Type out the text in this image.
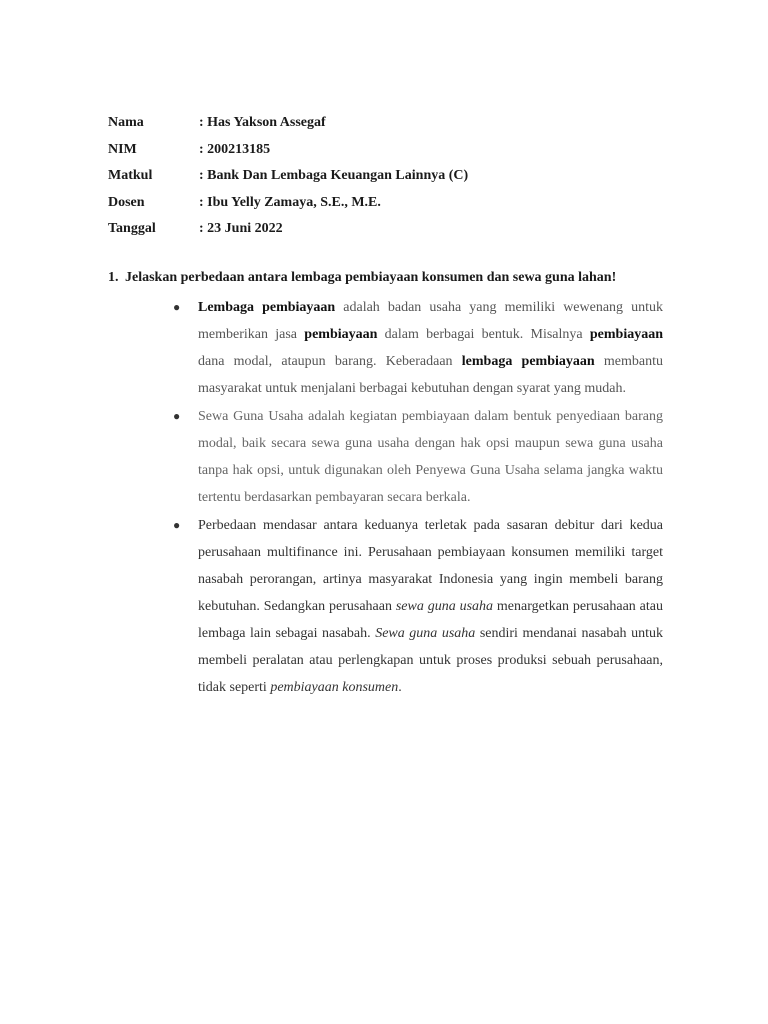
Nama	: Has Yakson Assegaf
NIM	: 200213185
Matkul	: Bank Dan Lembaga Keuangan Lainnya (C)
Dosen	: Ibu Yelly Zamaya, S.E., M.E.
Tanggal	: 23 Juni 2022
1. Jelaskan perbedaan antara lembaga pembiayaan konsumen dan sewa guna lahan!
● Lembaga pembiayaan adalah badan usaha yang memiliki wewenang untuk memberikan jasa pembiayaan dalam berbagai bentuk. Misalnya pembiayaan dana modal, ataupun barang. Keberadaan lembaga pembiayaan membantu masyarakat untuk menjalani berbagai kebutuhan dengan syarat yang mudah.
● Sewa Guna Usaha adalah kegiatan pembiayaan dalam bentuk penyediaan barang modal, baik secara sewa guna usaha dengan hak opsi maupun sewa guna usaha tanpa hak opsi, untuk digunakan oleh Penyewa Guna Usaha selama jangka waktu tertentu berdasarkan pembayaran secara berkala.
● Perbedaan mendasar antara keduanya terletak pada sasaran debitur dari kedua perusahaan multifinance ini. Perusahaan pembiayaan konsumen memiliki target nasabah perorangan, artinya masyarakat Indonesia yang ingin membeli barang kebutuhan. Sedangkan perusahaan sewa guna usaha menargetkan perusahaan atau lembaga lain sebagai nasabah. Sewa guna usaha sendiri mendanai nasabah untuk membeli peralatan atau perlengkapan untuk proses produksi sebuah perusahaan, tidak seperti pembiayaan konsumen.
